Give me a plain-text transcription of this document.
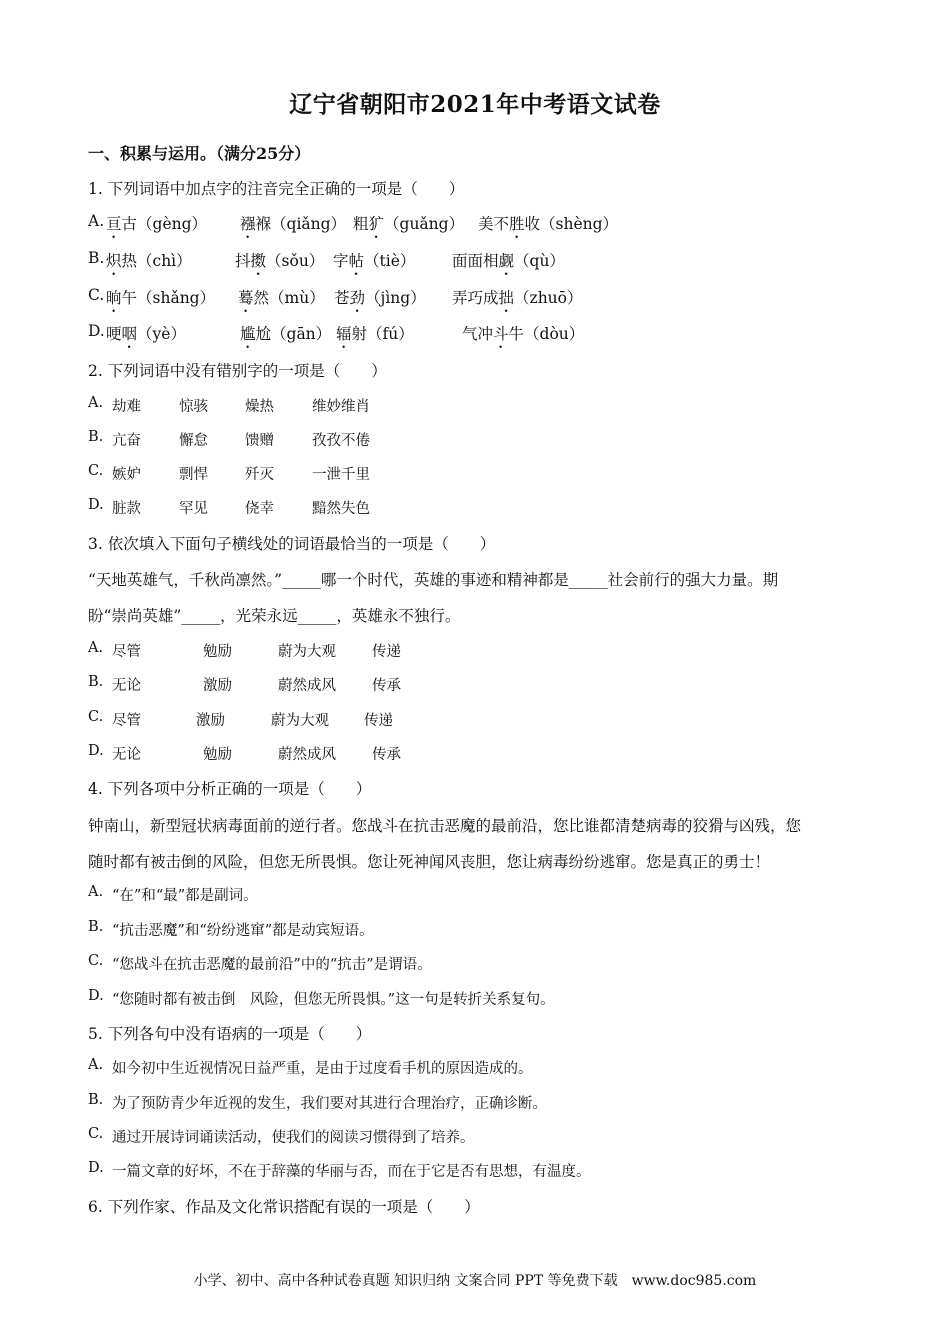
辽宁省朝阳市2021年中考语文试卷
一、积累与运用。（满分25分）
1. 下列词语中加点字的注音完全正确的一项是（　　）
A. 亘古（gèng） 襁褓（qiǎng） 粗犷（guǎng） 美不胜收（shèng）
B. 炽热（chì）	抖擞（sǒu） 字帖（tiè） 面面相觑（qù）
C. 晌午（shǎng） 蓦然（mù） 苍劲（jìng） 弄巧成拙（zhuō）
D. 哽咽（yè）	尴尬（gān） 辐射（fú）	气冲斗牛（dòu）
2. 下列词语中没有错别字的一项是（　　）
A. 劫难	惊骇	燥热	维妙维肖
B. 亢奋	懈怠	馈赠	孜孜不倦
C. 嫉妒	剽悍	歼灭	一泄千里
D. 脏款	罕见	侥幸	黯然失色
3. 依次填入下面句子横线处的词语最恰当的一项是（　　）
“天地英雄气，千秋尚凛然。”_____哪一个时代，英雄的事迹和精神都是_____社会前行的强大力量。期
盼“崇尚英雄”_____，光荣永远_____，英雄永不独行。
A. 尽管	勉励	蔚为大观 传递
B. 无论	激励	蔚然成风 传承
C. 尽管	激励	蔚为大观 传递
D. 无论	勉励	蔚然成风 传承
4. 下列各项中分析正确的一项是（　　）
钟南山，新型冠状病毒面前的逆行者。您战斗在抗击恶魔的最前沿，您比谁都清楚病毒的狡猾与凶残，您
随时都有被击倒的风险，但您无所畏惧。您让死神闻风丧胆，您让病毒纷纷逃窜。您是真正的勇士！
A. “在”和“最”都是副词。
B. “抗击恶魔”和“纷纷逃窜”都是动宾短语。
C. “您战斗在抗击恶魔的最前沿”中的“抗击”是谓语。
D. “您随时都有被击倒　风险，但您无所畏惧。”这一句是转折关系复句。
5. 下列各句中没有语病的一项是（　　）
A. 如今初中生近视情况日益严重，是由于过度看手机的原因造成的。
B. 为了预防青少年近视的发生，我们要对其进行合理治疗，正确诊断。
C. 通过开展诗词诵读活动，使我们的阅读习惯得到了培养。
D. 一篇文章的好坏，不在于辞藻的华丽与否，而在于它是否有思想，有温度。
6. 下列作家、作品及文化常识搭配有误的一项是（　　）
小学、初中、高中各种试卷真题 知识归纳 文案合同 PPT 等免费下载　www.doc985.com
